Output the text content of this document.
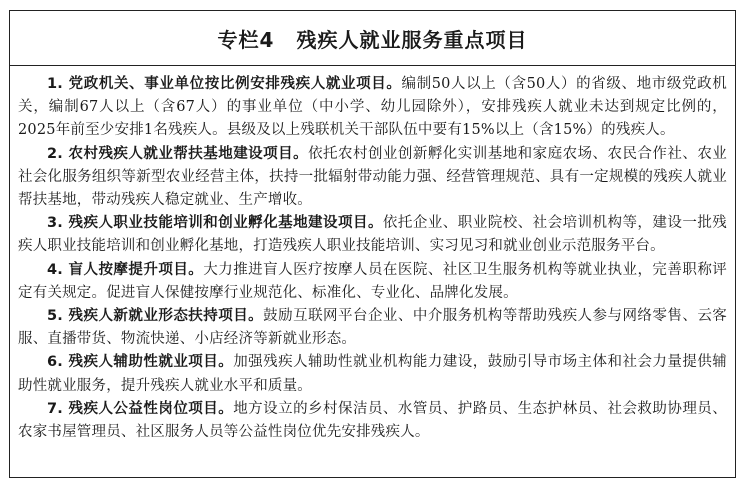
专栏4 残疾人就业服务重点项目

1. 党政机关、事业单位按比例安排残疾人就业项目。编制50人以上（含50人）的省级、地市级党政机关，编制67人以上（含67人）的事业单位（中小学、幼儿园除外），安排残疾人就业未达到规定比例的，2025年前至少安排1名残疾人。县级及以上残联机关干部队伍中要有15%以上（含15%）的残疾人。

2. 农村残疾人就业帮扶基地建设项目。依托农村创业创新孵化实训基地和家庭农场、农民合作社、农业社会化服务组织等新型农业经营主体，扶持一批辐射带动能力强、经营管理规范、具有一定规模的残疾人就业帮扶基地，带动残疾人稳定就业、生产增收。

3. 残疾人职业技能培训和创业孵化基地建设项目。依托企业、职业院校、社会培训机构等，建设一批残疾人职业技能培训和创业孵化基地，打造残疾人职业技能培训、实习见习和就业创业示范服务平台。

4. 盲人按摩提升项目。大力推进盲人医疗按摩人员在医院、社区卫生服务机构等就业执业，完善职称评定有关规定。促进盲人保健按摩行业规范化、标准化、专业化、品牌化发展。

5. 残疾人新就业形态扶持项目。鼓励互联网平台企业、中介服务机构等帮助残疾人参与网络零售、云客服、直播带货、物流快递、小店经济等新就业形态。

6. 残疾人辅助性就业项目。加强残疾人辅助性就业机构能力建设，鼓励引导市场主体和社会力量提供辅助性就业服务，提升残疾人就业水平和质量。

7. 残疾人公益性岗位项目。地方设立的乡村保洁员、水管员、护路员、生态护林员、社会救助协理员、农家书屋管理员、社区服务人员等公益性岗位优先安排残疾人。
